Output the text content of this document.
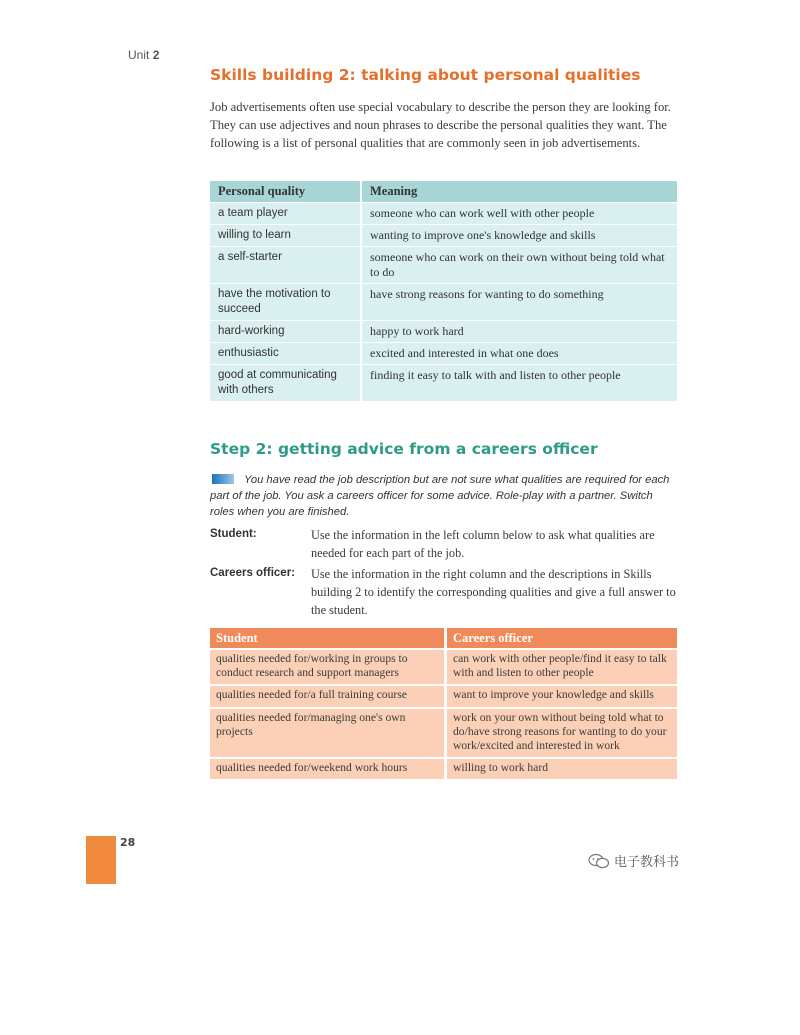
Unit 2
Skills building 2: talking about personal qualities

Job advertisements often use special vocabulary to describe the person they are looking for. They can use adjectives and noun phrases to describe the personal qualities they want. The following is a list of personal qualities that are commonly seen in job advertisements.

Personal quality	Meaning
a team player	someone who can work well with other people
willing to learn	wanting to improve one's knowledge and skills
a self-starter	someone who can work on their own without being told what to do
have the motivation to succeed	have strong reasons for wanting to do something
hard-working	happy to work hard
enthusiastic	excited and interested in what one does
good at communicating with others	finding it easy to talk with and listen to other people
Step 2: getting advice from a careers officer

You have read the job description but are not sure what qualities are required for each part of the job. You ask a careers officer for some advice. Role-play with a partner. Switch roles when you are finished.

Student:	Use the information in the left column below to ask what qualities are needed for each part of the job.

Careers officer: Use the information in the right column and the descriptions in Skills building 2 to identify the corresponding qualities and give a full answer to the student.

Student	Careers officer
qualities needed for/working in groups to conduct research and support managers	can work with other people/find it easy to talk with and listen to other people
qualities needed for/a full training course	want to improve your knowledge and skills
qualities needed for/managing one's own projects	work on your own without being told what to do/have strong reasons for wanting to do your work/excited and interested in work
qualities needed for/weekend work hours	willing to work hard
28
电子教科书
